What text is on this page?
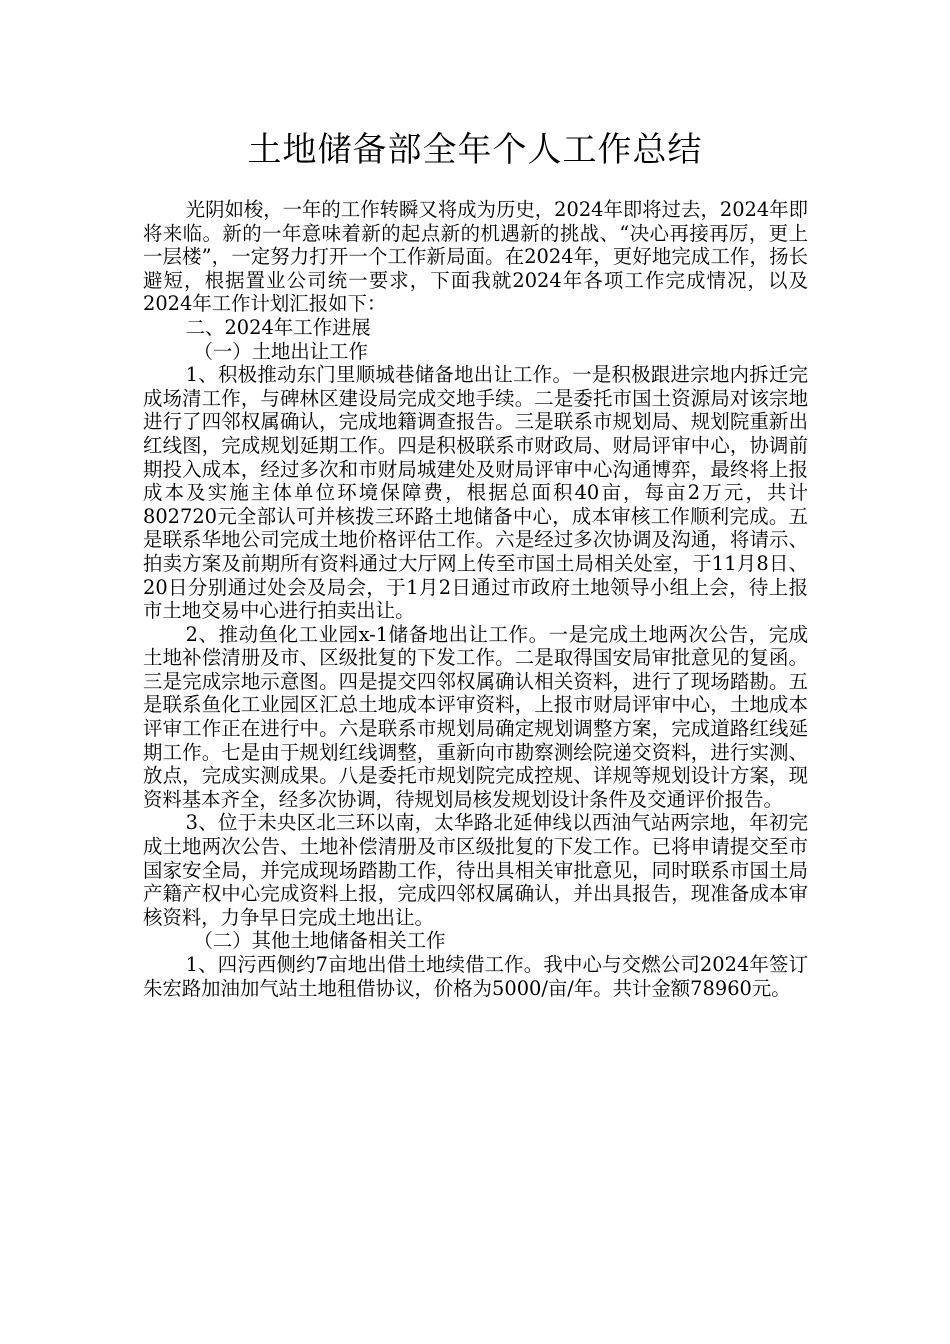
土地储备部全年个人工作总结

光阴如梭，一年的工作转瞬又将成为历史，2024年即将过去，2024年即将来临。新的一年意味着新的起点新的机遇新的挑战、“决心再接再厉，更上一层楼”，一定努力打开一个工作新局面。在2024年，更好地完成工作，扬长避短，根据置业公司统一要求，下面我就2024年各项工作完成情况，以及2024年工作计划汇报如下：

二、2024年工作进展

（一）土地出让工作

1、积极推动东门里顺城巷储备地出让工作。一是积极跟进宗地内拆迁完成场清工作，与碑林区建设局完成交地手续。二是委托市国土资源局对该宗地进行了四邻权属确认，完成地籍调查报告。三是联系市规划局、规划院重新出红线图，完成规划延期工作。四是积极联系市财政局、财局评审中心，协调前期投入成本，经过多次和市财局城建处及财局评审中心沟通博弈，最终将上报成本及实施主体单位环境保障费，根据总面积40亩，每亩2万元，共计802720元全部认可并核拨三环路土地储备中心，成本审核工作顺利完成。五是联系华地公司完成土地价格评估工作。六是经过多次协调及沟通，将请示、拍卖方案及前期所有资料通过大厅网上传至市国土局相关处室，于11月8日、20日分别通过处会及局会，于1月2日通过市政府土地领导小组上会，待上报市土地交易中心进行拍卖出让。

2、推动鱼化工业园x-1储备地出让工作。一是完成土地两次公告，完成土地补偿清册及市、区级批复的下发工作。二是取得国安局审批意见的复函。三是完成宗地示意图。四是提交四邻权属确认相关资料，进行了现场踏勘。五是联系鱼化工业园区汇总土地成本评审资料，上报市财局评审中心，土地成本评审工作正在进行中。六是联系市规划局确定规划调整方案，完成道路红线延期工作。七是由于规划红线调整，重新向市勘察测绘院递交资料，进行实测、放点，完成实测成果。八是委托市规划院完成控规、详规等规划设计方案，现资料基本齐全，经多次协调，待规划局核发规划设计条件及交通评价报告。

3、位于未央区北三环以南，太华路北延伸线以西油气站两宗地，年初完成土地两次公告、土地补偿清册及市区级批复的下发工作。已将申请提交至市国家安全局，并完成现场踏勘工作，待出具相关审批意见，同时联系市国土局产籍产权中心完成资料上报，完成四邻权属确认，并出具报告，现准备成本审核资料，力争早日完成土地出让。

（二）其他土地储备相关工作

1、四污西侧约7亩地出借土地续借工作。我中心与交燃公司2024年签订朱宏路加油加气站土地租借协议，价格为5000/亩/年。共计金额78960元。
